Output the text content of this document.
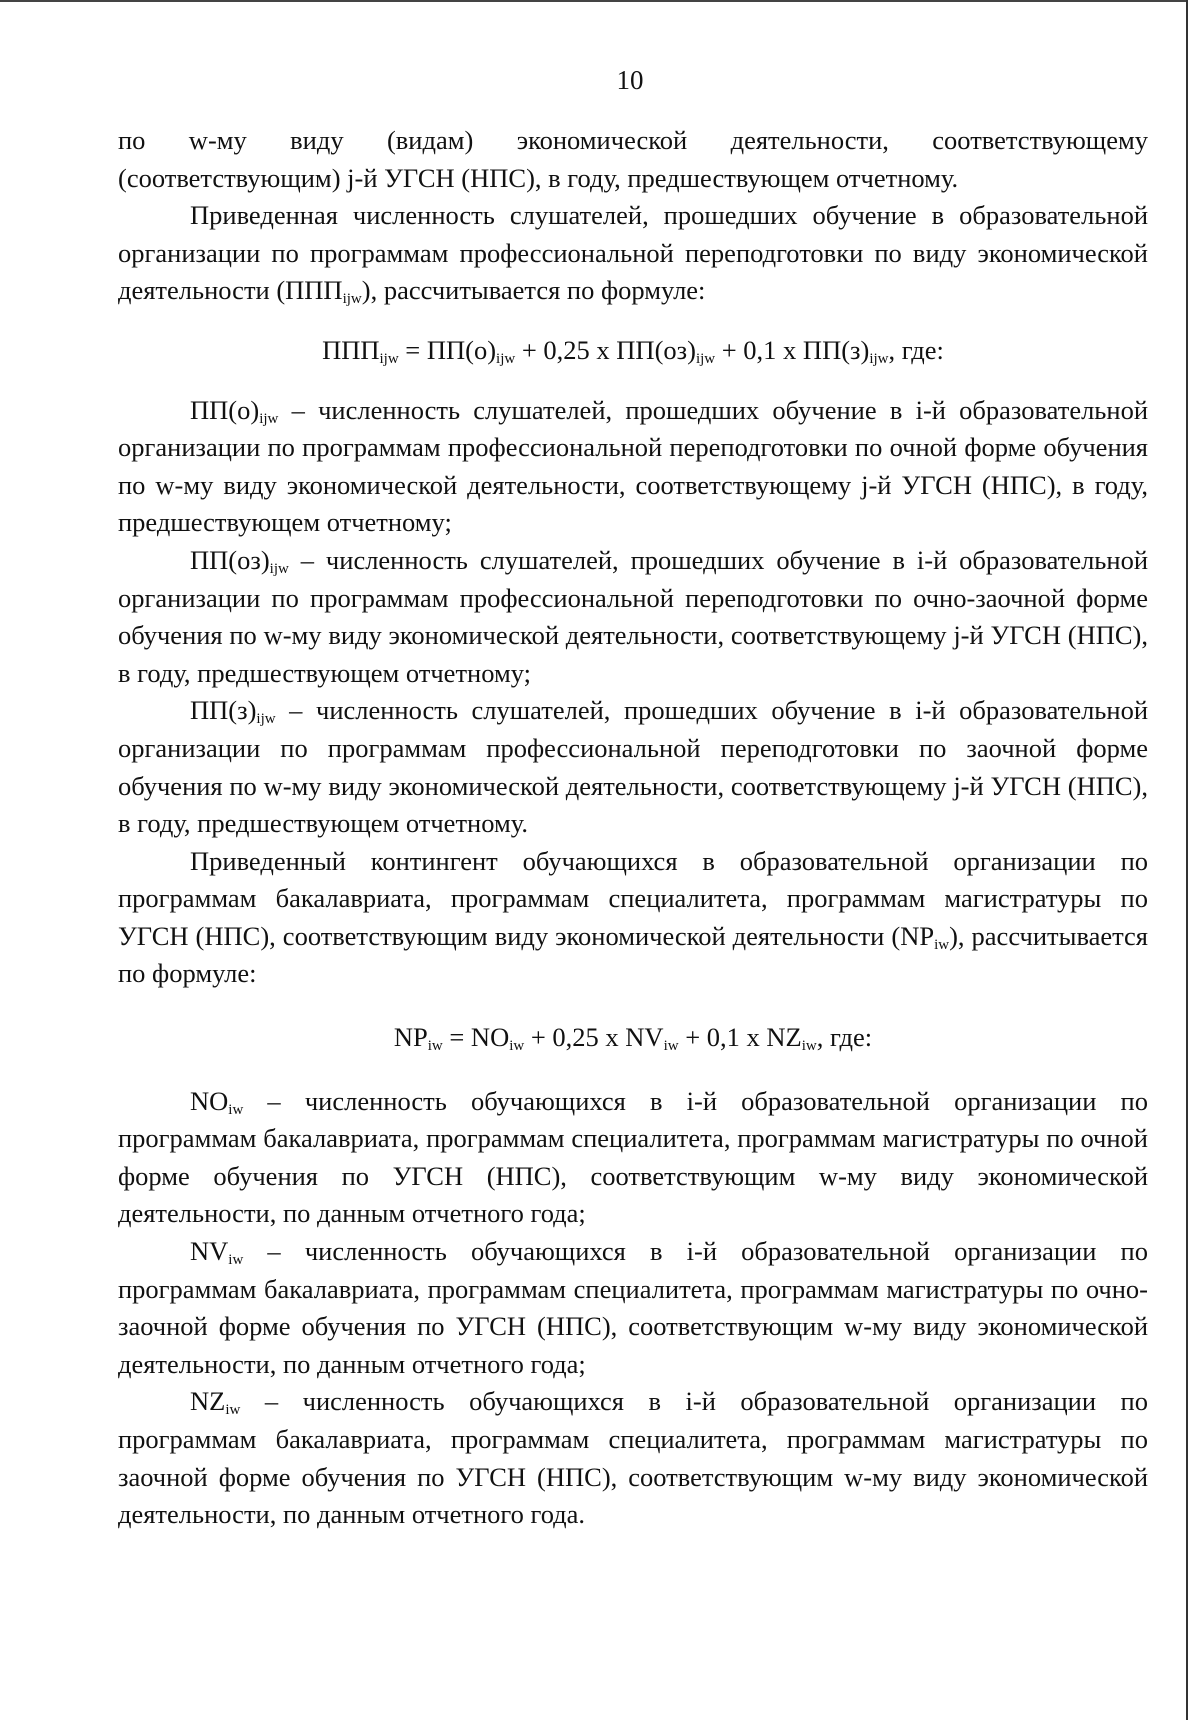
10

по w-му виду (видам) экономической деятельности, соответствующему (соответствующим) j-й УГСН (НПС), в году, предшествующем отчетному.

Приведенная численность слушателей, прошедших обучение в образовательной организации по программам профессиональной переподготовки по виду экономической деятельности $(ППП_{ijw})$, рассчитывается по формуле:

$ППП_{ijw} = ПП(о)_{ijw} + 0,25$ х $ПП(оз)_{ijw} + 0,1$ х $ПП(з)_{ijw}$, где:

$ПП(о)_{ijw}$ – численность слушателей, прошедших обучение в i-й образовательной организации по программам профессиональной переподготовки по очной форме обучения по w-му виду экономической деятельности, соответствующему j-й УГСН (НПС), в году, предшествующем отчетному;

$ПП(оз)_{ijw}$ – численность слушателей, прошедших обучение в i-й образовательной организации по программам профессиональной переподготовки по очно-заочной форме обучения по w-му виду экономической деятельности, соответствующему j-й УГСН (НПС), в году, предшествующем отчетному;

$ПП(з)_{ijw}$ – численность слушателей, прошедших обучение в i-й образовательной организации по программам профессиональной переподготовки по заочной форме обучения по w-му виду экономической деятельности, соответствующему j-й УГСН (НПС), в году, предшествующем отчетному.

Приведенный контингент обучающихся в образовательной организации по программам бакалавриата, программам специалитета, программам магистратуры по УГСН (НПС), соответствующим виду экономической деятельности $(NP_{iw})$, рассчитывается по формуле:

$NP_{iw} = NO_{iw} + 0,25$ х $NV_{iw} + 0,1$ х $NZ_{iw}$, где:

$NO_{iw}$ – численность обучающихся в i-й образовательной организации по программам бакалавриата, программам специалитета, программам магистратуры по очной форме обучения по УГСН (НПС), соответствующим w-му виду экономической деятельности, по данным отчетного года;

$NV_{iw}$ – численность обучающихся в i-й образовательной организации по программам бакалавриата, программам специалитета, программам магистратуры по очно-заочной форме обучения по УГСН (НПС), соответствующим w-му виду экономической деятельности, по данным отчетного года;

$NZ_{iw}$ – численность обучающихся в i-й образовательной организации по программам бакалавриата, программам специалитета, программам магистратуры по заочной форме обучения по УГСН (НПС), соответствующим w-му виду экономической деятельности, по данным отчетного года.
